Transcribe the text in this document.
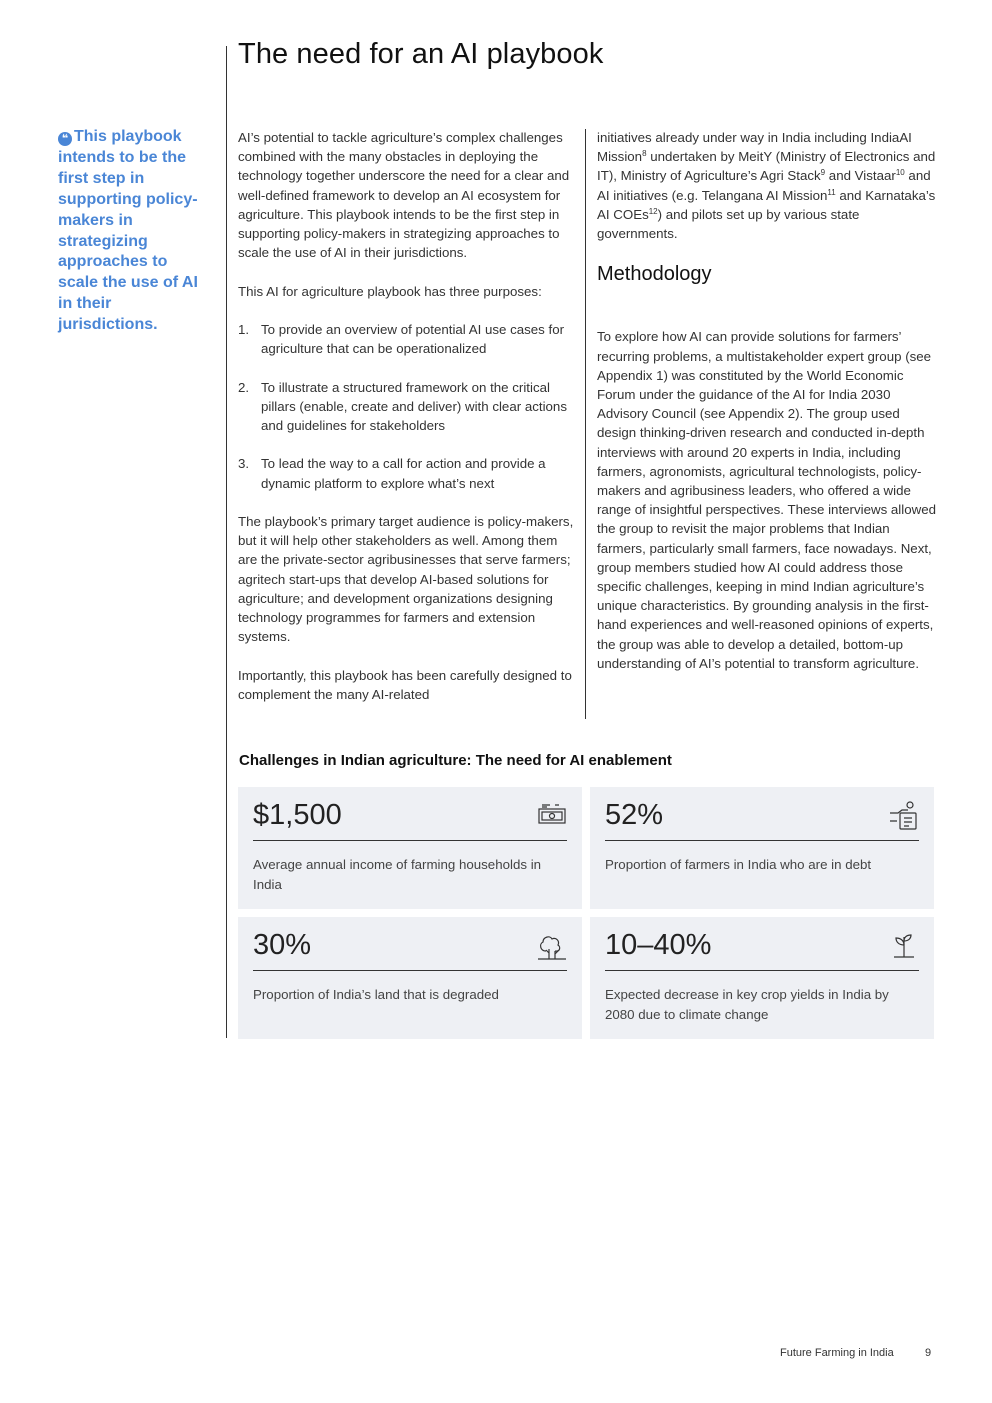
The need for an AI playbook
❝ This playbook intends to be the first step in supporting policy-makers in strategizing approaches to scale the use of AI in their jurisdictions.

AI’s potential to tackle agriculture’s complex challenges combined with the many obstacles in deploying the technology together underscore the need for a clear and well-defined framework to develop an AI ecosystem for agriculture. This playbook intends to be the first step in supporting policy-makers in strategizing approaches to scale the use of AI in their jurisdictions.

This AI for agriculture playbook has three purposes:

1. To provide an overview of potential AI use cases for agriculture that can be operationalized
2. To illustrate a structured framework on the critical pillars (enable, create and deliver) with clear actions and guidelines for stakeholders
3. To lead the way to a call for action and provide a dynamic platform to explore what’s next

The playbook’s primary target audience is policy-makers, but it will help other stakeholders as well. Among them are the private-sector agribusinesses that serve farmers; agritech start-ups that develop AI-based solutions for agriculture; and development organizations designing technology programmes for farmers and extension systems.

Importantly, this playbook has been carefully designed to complement the many AI-related

initiatives already under way in India including IndiaAI Mission$^8$ undertaken by MeitY (Ministry of Electronics and IT), Ministry of Agriculture’s Agri Stack$^9$ and Vistaar$^{10}$ and AI initiatives (e.g. Telangana AI Mission$^{11}$ and Karnataka’s AI COEs$^{12}$) and pilots set up by various state governments.

Methodology

To explore how AI can provide solutions for farmers’ recurring problems, a multistakeholder expert group (see Appendix 1) was constituted by the World Economic Forum under the guidance of the AI for India 2030 Advisory Council (see Appendix 2). The group used design thinking-driven research and conducted in-depth interviews with around 20 experts in India, including farmers, agronomists, agricultural technologists, policy-makers and agribusiness leaders, who offered a wide range of insightful perspectives. These interviews allowed the group to revisit the major problems that Indian farmers, particularly small farmers, face nowadays. Next, group members studied how AI could address those specific challenges, keeping in mind Indian agriculture’s unique characteristics. By grounding analysis in the first-hand experiences and well-reasoned opinions of experts, the group was able to develop a detailed, bottom-up understanding of AI’s potential to transform agriculture.

Challenges in Indian agriculture: The need for AI enablement
$1,500
Average annual income of farming households in India
52%
Proportion of farmers in India who are in debt
30%
Proportion of India’s land that is degraded
10–40%
Expected decrease in key crop yields in India by 2080 due to climate change
Future Farming in India	9
